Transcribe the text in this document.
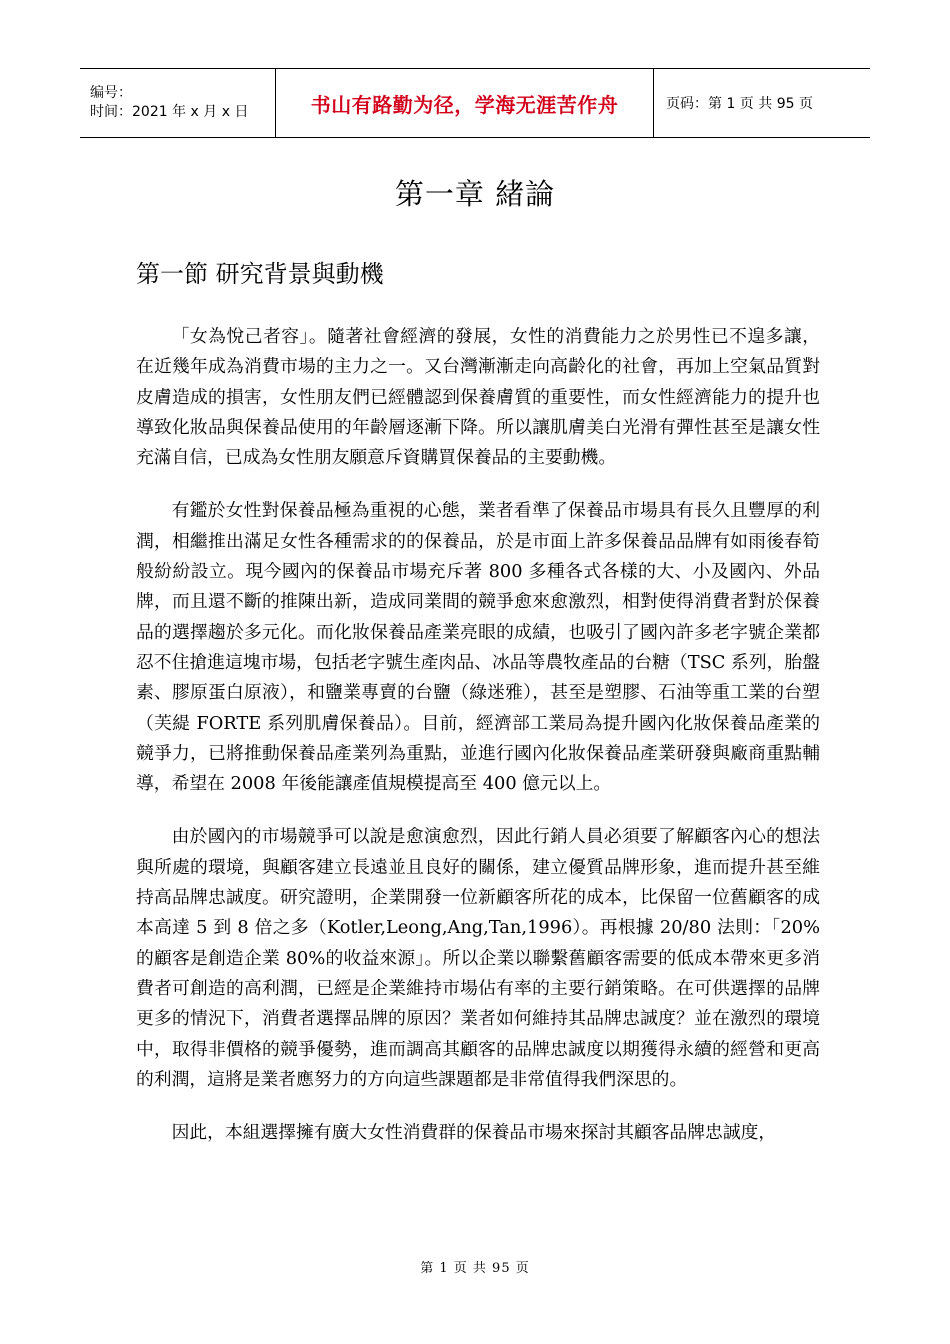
编号：
时间：2021 年 x 月 x 日	书山有路勤为径，学海无涯苦作舟	页码：第 1 页 共 95 页
第一章 緒論
第一節 研究背景與動機

「女為悅己者容」。隨著社會經濟的發展，女性的消費能力之於男性已不遑多讓，在近幾年成為消費市場的主力之一。又台灣漸漸走向高齡化的社會，再加上空氣品質對皮膚造成的損害，女性朋友們已經體認到保養膚質的重要性，而女性經濟能力的提升也導致化妝品與保養品使用的年齡層逐漸下降。所以讓肌膚美白光滑有彈性甚至是讓女性充滿自信，已成為女性朋友願意斥資購買保養品的主要動機。

有鑑於女性對保養品極為重視的心態，業者看準了保養品市場具有長久且豐厚的利潤，相繼推出滿足女性各種需求的的保養品，於是市面上許多保養品品牌有如雨後春筍般紛紛設立。現今國內的保養品市場充斥著 800 多種各式各樣的大、小及國內、外品牌，而且還不斷的推陳出新，造成同業間的競爭愈來愈激烈，相對使得消費者對於保養品的選擇趨於多元化。而化妝保養品產業亮眼的成績，也吸引了國內許多老字號企業都忍不住搶進這塊市場，包括老字號生產肉品、冰品等農牧產品的台糖（TSC 系列，胎盤素、膠原蛋白原液），和鹽業專賣的台鹽（綠迷雅），甚至是塑膠、石油等重工業的台塑（芙緹 FORTE 系列肌膚保養品）。目前，經濟部工業局為提升國內化妝保養品產業的競爭力，已將推動保養品產業列為重點，並進行國內化妝保養品產業研發與廠商重點輔導，希望在 2008 年後能讓產值規模提高至 400 億元以上。

由於國內的市場競爭可以說是愈演愈烈，因此行銷人員必須要了解顧客內心的想法與所處的環境，與顧客建立長遠並且良好的關係，建立優質品牌形象，進而提升甚至維持高品牌忠誠度。研究證明，企業開發一位新顧客所花的成本，比保留一位舊顧客的成本高達 5 到 8 倍之多（Kotler,Leong,Ang,Tan,1996）。再根據 20/80 法則：「20%的顧客是創造企業 80%的收益來源」。所以企業以聯繫舊顧客需要的低成本帶來更多消費者可創造的高利潤，已經是企業維持市場佔有率的主要行銷策略。在可供選擇的品牌更多的情況下，消費者選擇品牌的原因？業者如何維持其品牌忠誠度？並在激烈的環境中，取得非價格的競爭優勢，進而調高其顧客的品牌忠誠度以期獲得永續的經營和更高的利潤，這將是業者應努力的方向這些課題都是非常值得我們深思的。

因此，本組選擇擁有廣大女性消費群的保養品市場來探討其顧客品牌忠誠度，

第 1 页 共 95 页
